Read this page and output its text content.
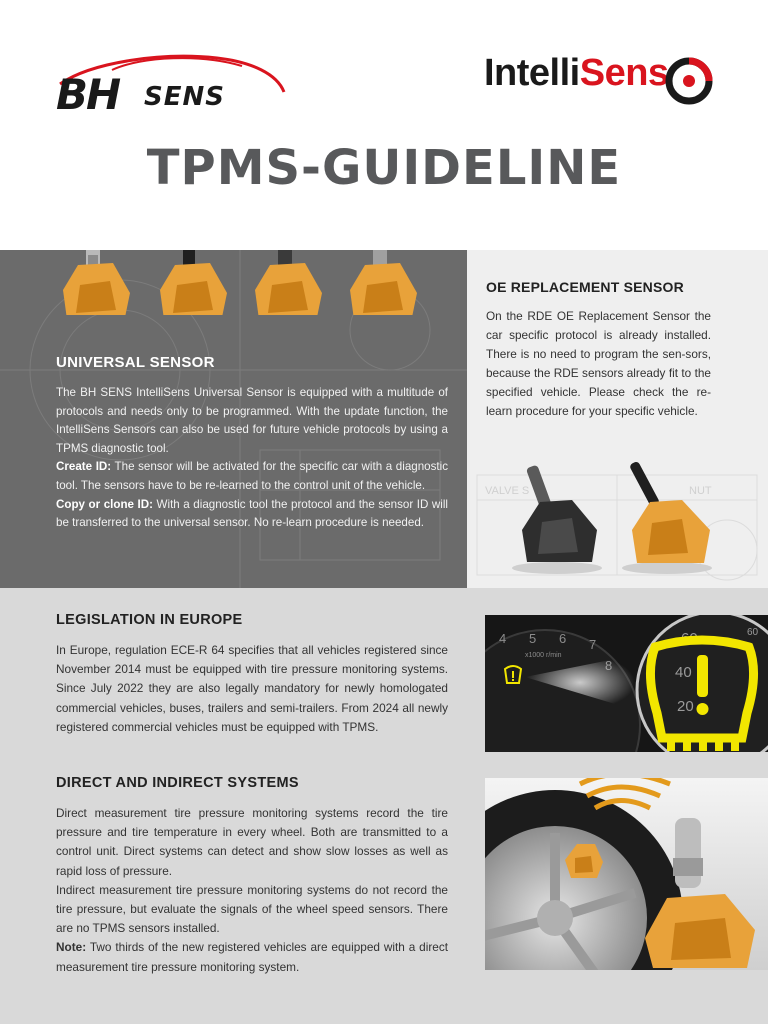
BH SENS
IntelliSens
TPMS-GUIDELINE
UNIVERSAL SENSOR

The BH SENS IntelliSens Universal Sensor is equipped with a multitude of protocols and needs only to be programmed. With the update function, the IntelliSens Sensors can also be used for future vehicle protocols by using a TPMS diagnostic tool.

Create ID: The sensor will be activated for the specific car with a diagnostic tool. The sensors have to be re-learned to the control unit of the vehicle.

Copy or clone ID: With a diagnostic tool the protocol and the sensor ID will be transferred to the universal sensor. No re-learn procedure is needed.

VALVE S	NUT
OE REPLACEMENT SENSOR
On the RDE OE Replacement Sensor the car specific protocol is already installed. There is no need to program the sen-sors, because the RDE sensors already fit to the specified vehicle. Please check the re-learn procedure for your specific vehicle.
LEGISLATION IN EUROPE
In Europe, regulation ECE-R 64 specifies that all vehicles registered since November 2014 must be equipped with tire pressure monitoring systems. Since July 2022 they are also legally mandatory for newly homologated commercial vehicles, buses, trailers and semi-trailers. From 2024 all newly registered commercial vehicles must be equipped with TPMS.
DIRECT AND INDIRECT SYSTEMS

Direct measurement tire pressure monitoring systems record the tire pressure and tire temperature in every wheel. Both are transmitted to a control unit. Direct systems can detect and show slow losses as well as rapid loss of pressure.

Indirect measurement tire pressure monitoring systems do not record the tire pressure, but evaluate the signals of the wheel speed sensors. There are no TPMS sensors installed.

Note: Two thirds of the new registered vehicles are equipped with a direct measurement tire pressure monitoring system.

4 5 6 7
x1000 r/min
60
40
20
60
